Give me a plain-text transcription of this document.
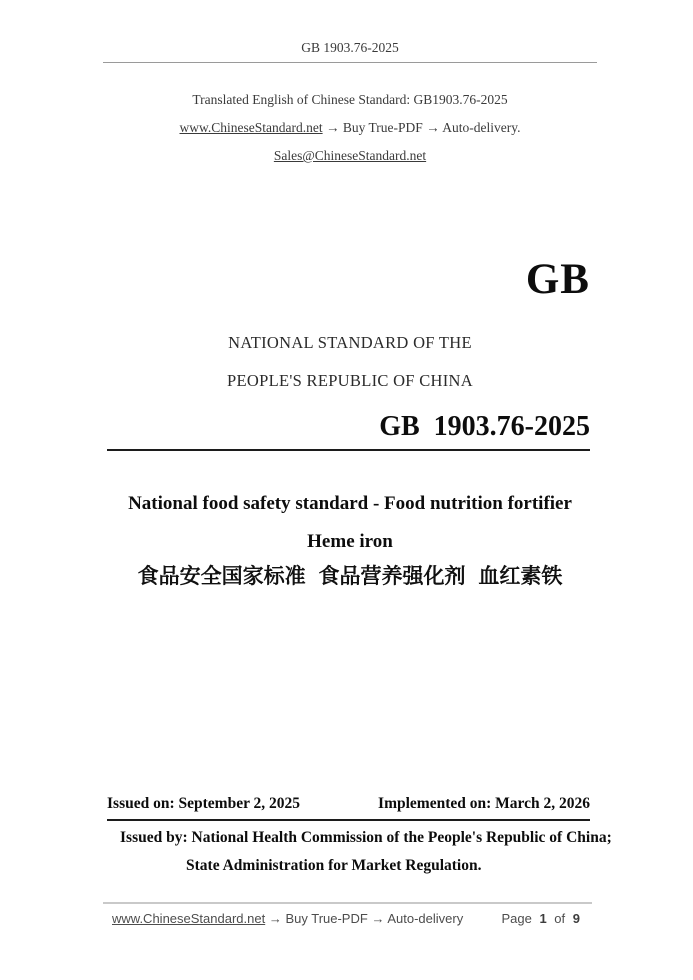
GB 1903.76-2025
Translated English of Chinese Standard: GB1903.76-2025
www.ChineseStandard.net → Buy True-PDF → Auto-delivery.
Sales@ChineseStandard.net
GB
NATIONAL STANDARD OF THE
PEOPLE'S REPUBLIC OF CHINA
GB  1903.76-2025
National food safety standard - Food nutrition fortifier
Heme iron
食品安全国家标准 食品营养强化剂 血红素铁
Issued on: September 2, 2025	Implemented on: March 2, 2026
Issued by: National Health Commission of the People's Republic of China;
State Administration for Market Regulation.
www.ChineseStandard.net → Buy True-PDF → Auto-delivery	Page 1 of 9
